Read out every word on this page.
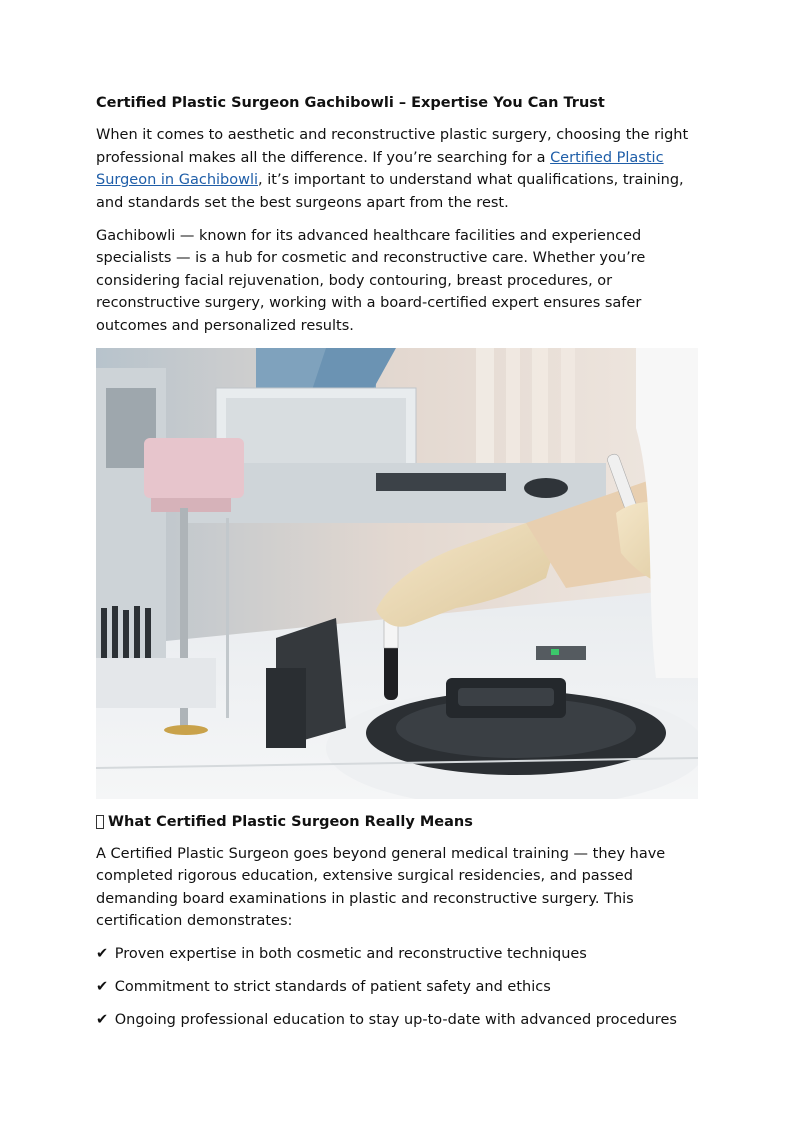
Certified Plastic Surgeon Gachibowli – Expertise You Can Trust

When it comes to aesthetic and reconstructive plastic surgery, choosing the right professional makes all the difference. If you’re searching for a Certified Plastic Surgeon in Gachibowli, it’s important to understand what qualifications, training, and standards set the best surgeons apart from the rest.

Gachibowli — known for its advanced healthcare facilities and experienced specialists — is a hub for cosmetic and reconstructive care. Whether you’re considering facial rejuvenation, body contouring, breast procedures, or reconstructive surgery, working with a board-certified expert ensures safer outcomes and personalized results.

What Certified Plastic Surgeon Really Means

A Certified Plastic Surgeon goes beyond general medical training — they have completed rigorous education, extensive surgical residencies, and passed demanding board examinations in plastic and reconstructive surgery. This certification demonstrates:

✔ Proven expertise in both cosmetic and reconstructive techniques

✔ Commitment to strict standards of patient safety and ethics

✔ Ongoing professional education to stay up-to-date with advanced procedures
